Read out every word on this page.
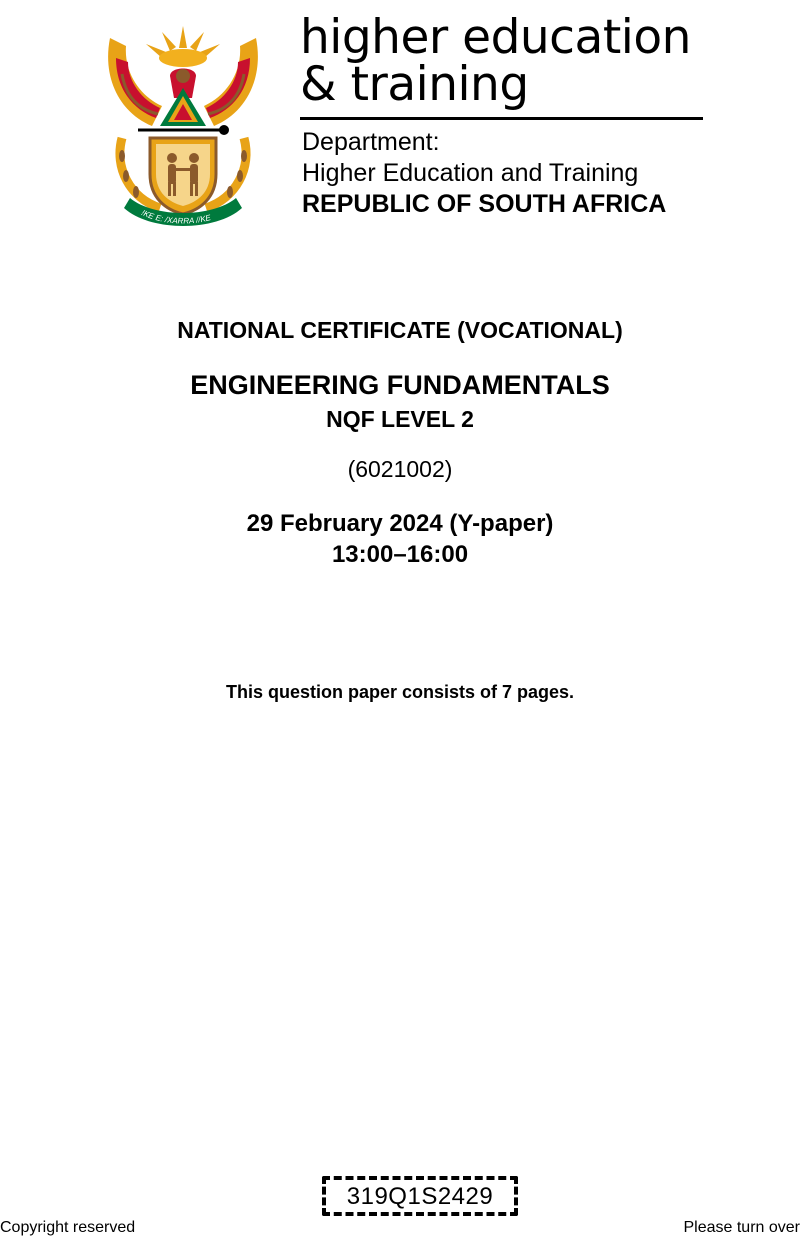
!KE E: /XARRA //KE
higher education
& training
Department:
Higher Education and Training
REPUBLIC OF SOUTH AFRICA
NATIONAL CERTIFICATE (VOCATIONAL)
ENGINEERING FUNDAMENTALS
NQF LEVEL 2
(6021002)
29 February 2024 (Y-paper)
13:00–16:00
This question paper consists of 7 pages.
319Q1S2429
Copyright reserved	Please turn over
